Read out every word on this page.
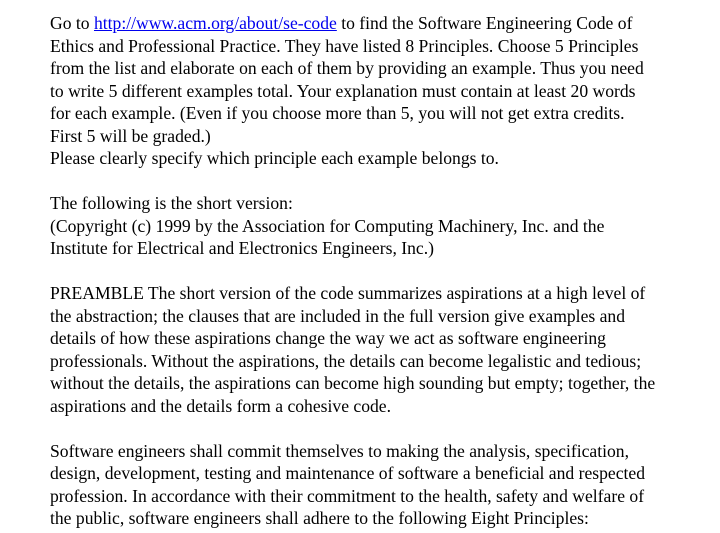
Go to http://www.acm.org/about/se-code to find the Software Engineering Code of
Ethics and Professional Practice. They have listed 8 Principles. Choose 5 Principles
from the list and elaborate on each of them by providing an example. Thus you need
to write 5 different examples total. Your explanation must contain at least 20 words
for each example. (Even if you choose more than 5, you will not get extra credits.
First 5 will be graded.)
Please clearly specify which principle each example belongs to.

The following is the short version:
(Copyright (c) 1999 by the Association for Computing Machinery, Inc. and the
Institute for Electrical and Electronics Engineers, Inc.)

PREAMBLE The short version of the code summarizes aspirations at a high level of
the abstraction; the clauses that are included in the full version give examples and
details of how these aspirations change the way we act as software engineering
professionals. Without the aspirations, the details can become legalistic and tedious;
without the details, the aspirations can become high sounding but empty; together, the
aspirations and the details form a cohesive code.

Software engineers shall commit themselves to making the analysis, specification,
design, development, testing and maintenance of software a beneficial and respected
profession. In accordance with their commitment to the health, safety and welfare of
the public, software engineers shall adhere to the following Eight Principles:
